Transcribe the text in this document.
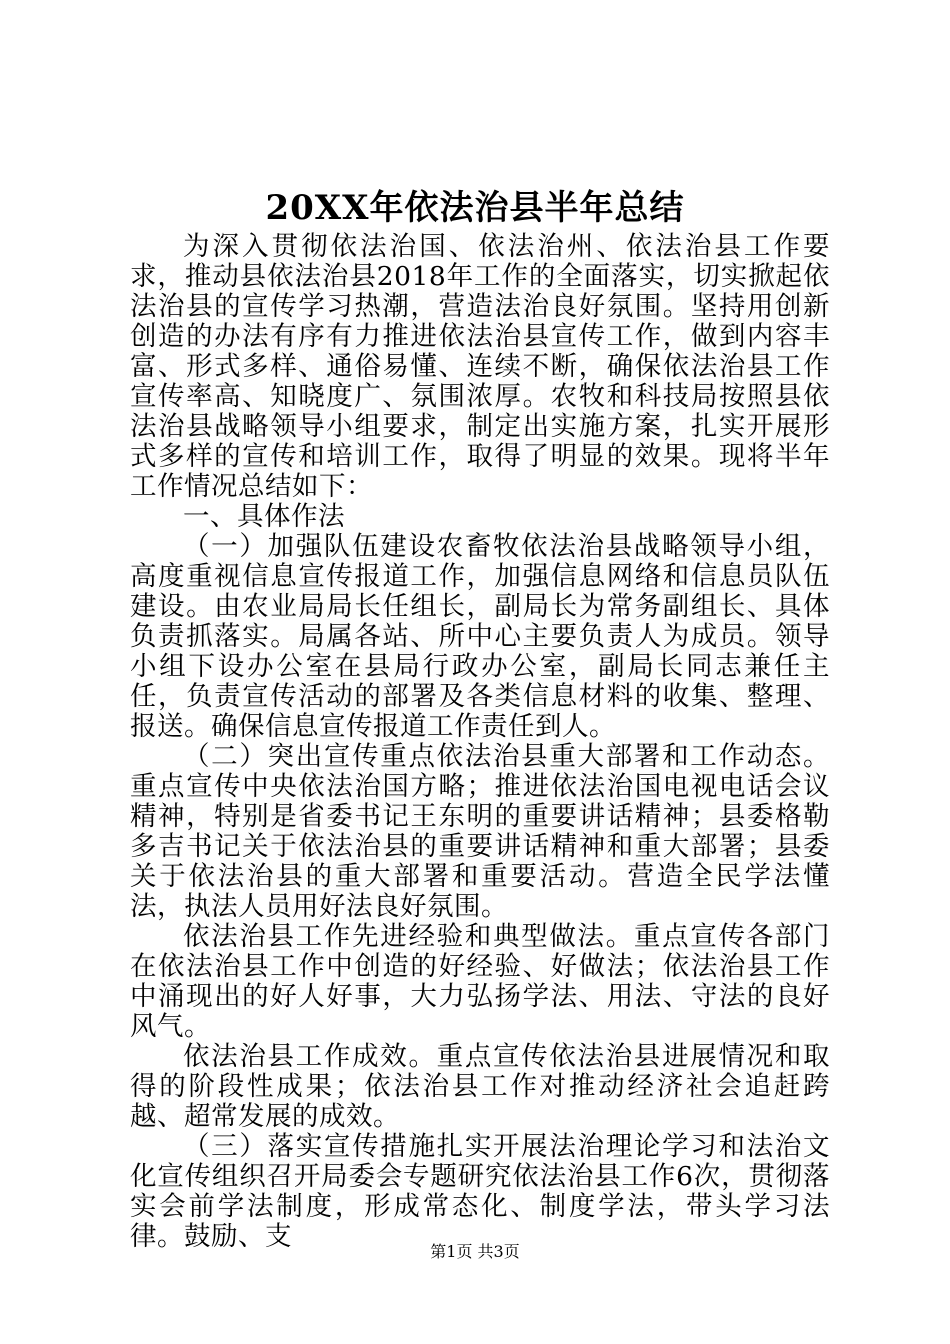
20XX年依法治县半年总结

为深入贯彻依法治国、依法治州、依法治县工作要求，推动县依法治县2018年工作的全面落实，切实掀起依法治县的宣传学习热潮，营造法治良好氛围。坚持用创新创造的办法有序有力推进依法治县宣传工作，做到内容丰富、形式多样、通俗易懂、连续不断，确保依法治县工作宣传率高、知晓度广、氛围浓厚。农牧和科技局按照县依法治县战略领导小组要求，制定出实施方案，扎实开展形式多样的宣传和培训工作，取得了明显的效果。现将半年工作情况总结如下：

一、具体作法

（一）加强队伍建设农畜牧依法治县战略领导小组，高度重视信息宣传报道工作，加强信息网络和信息员队伍建设。由农业局局长任组长，副局长为常务副组长、具体负责抓落实。局属各站、所中心主要负责人为成员。领导小组下设办公室在县局行政办公室，副局长同志兼任主任，负责宣传活动的部署及各类信息材料的收集、整理、报送。确保信息宣传报道工作责任到人。

（二）突出宣传重点依法治县重大部署和工作动态。重点宣传中央依法治国方略；推进依法治国电视电话会议精神，特别是省委书记王东明的重要讲话精神；县委格勒多吉书记关于依法治县的重要讲话精神和重大部署；县委关于依法治县的重大部署和重要活动。营造全民学法懂法，执法人员用好法良好氛围。

依法治县工作先进经验和典型做法。重点宣传各部门在依法治县工作中创造的好经验、好做法；依法治县工作中涌现出的好人好事，大力弘扬学法、用法、守法的良好风气。

依法治县工作成效。重点宣传依法治县进展情况和取得的阶段性成果；依法治县工作对推动经济社会追赶跨越、超常发展的成效。

（三）落实宣传措施扎实开展法治理论学习和法治文化宣传组织召开局委会专题研究依法治县工作6次，贯彻落实会前学法制度，形成常态化、制度学法，带头学习法律。鼓励、支	第1页 共3页
